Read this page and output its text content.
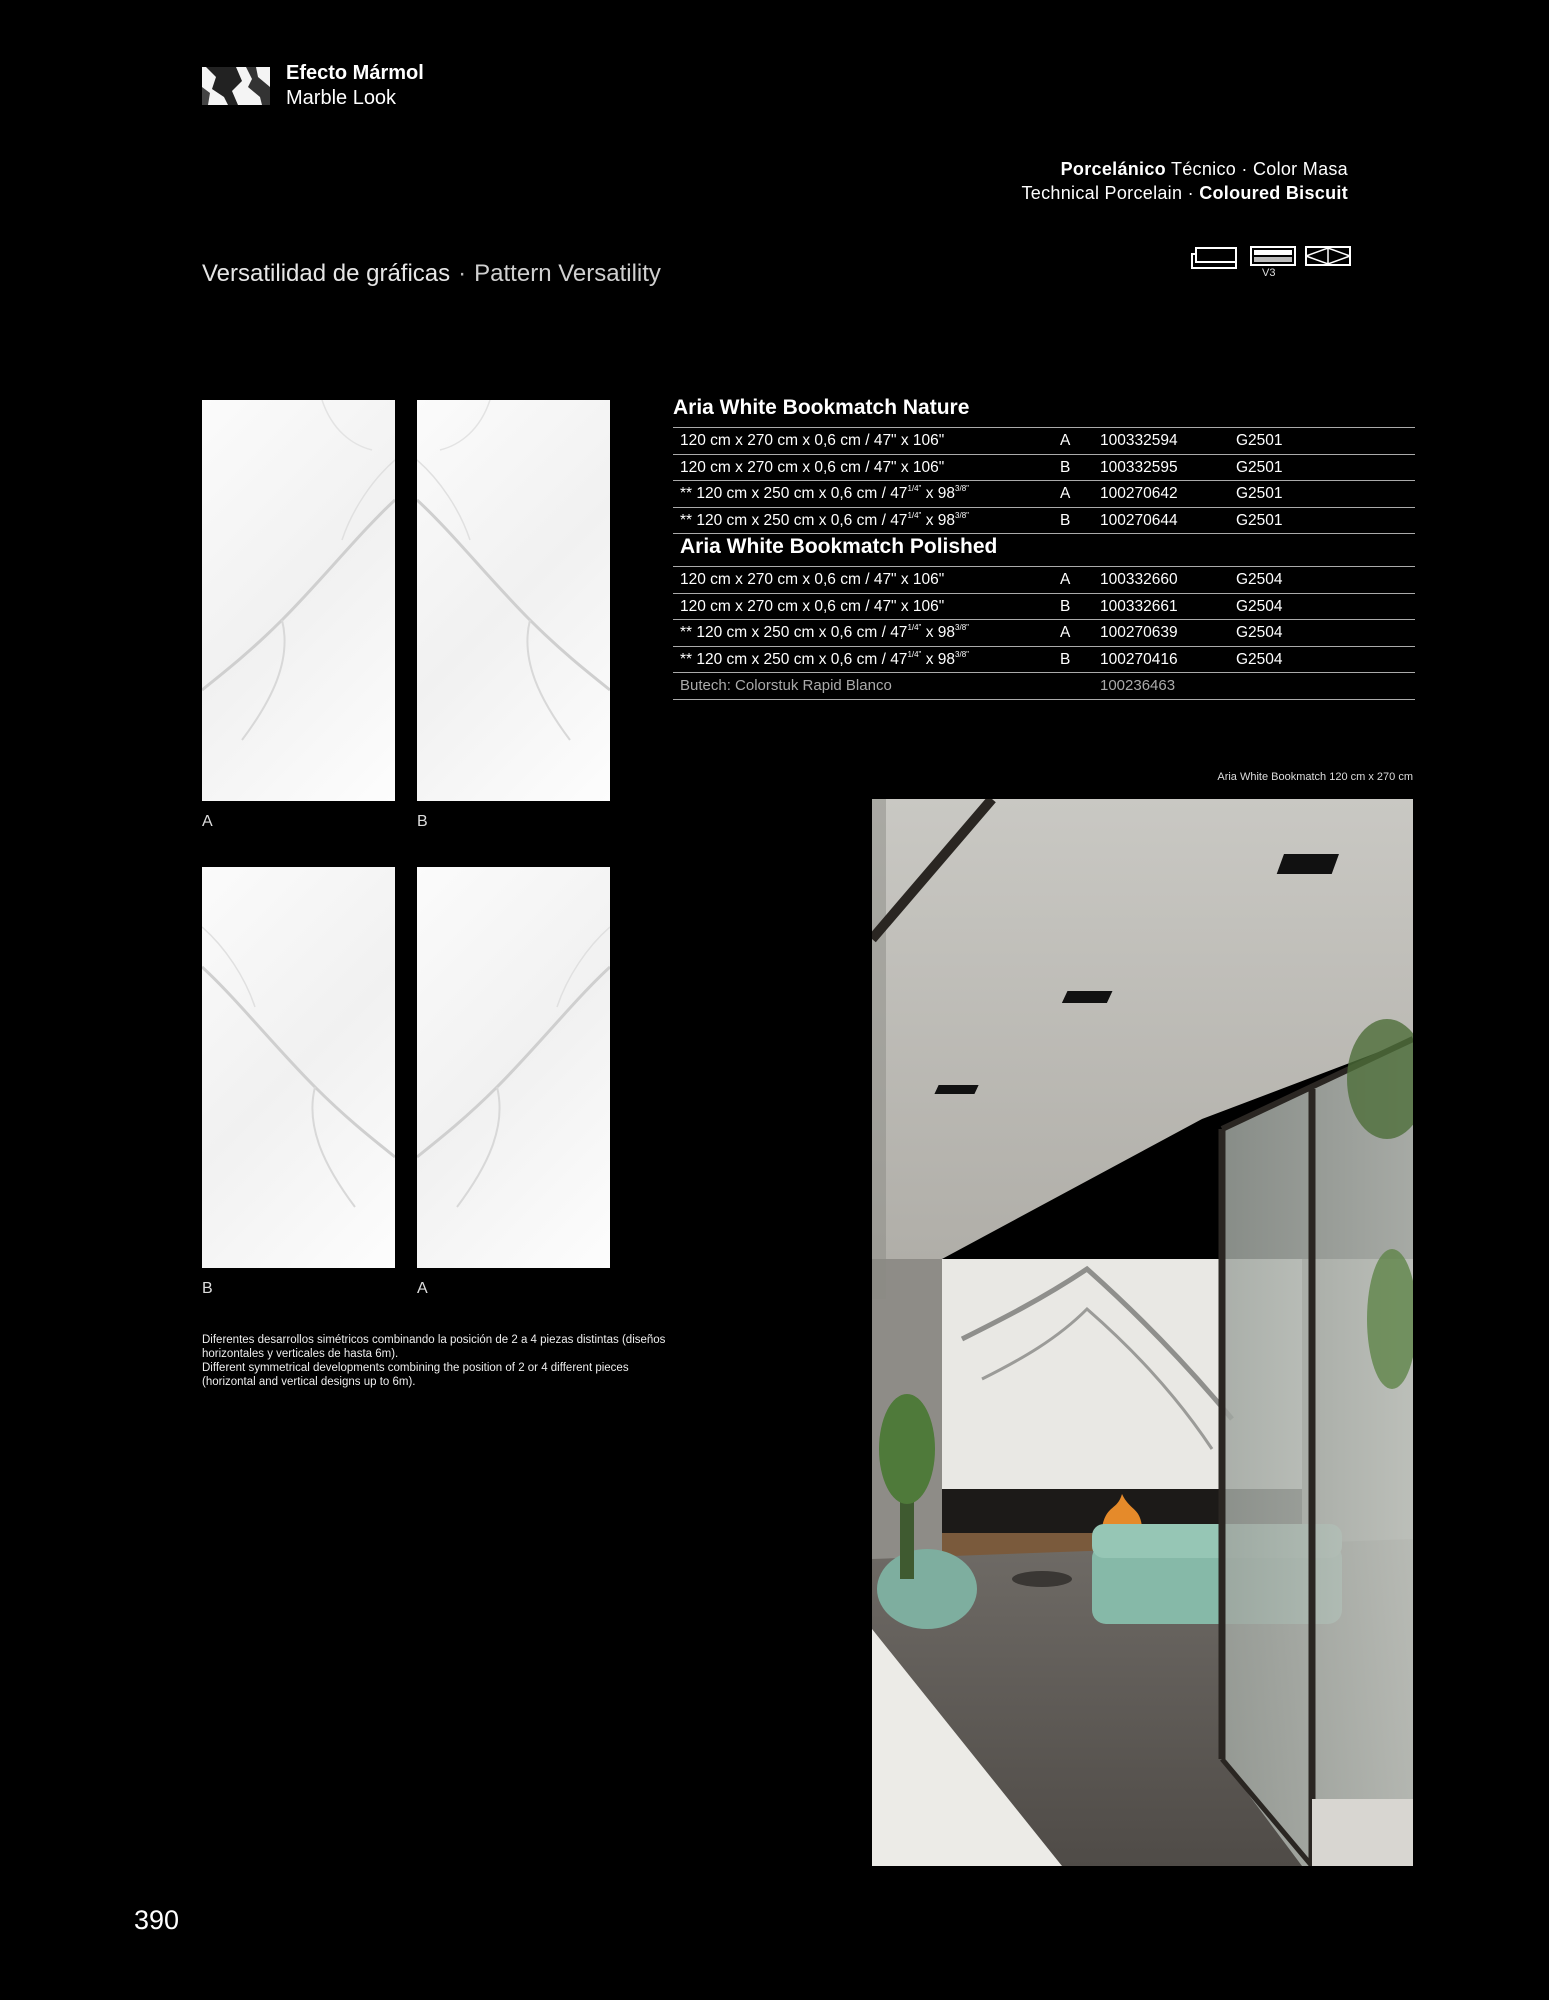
Efecto Mármol
Marble Look
Porcelánico Técnico · Color Masa
Technical Porcelain · Coloured Biscuit
Versatilidad de gráficas · Pattern Versatility	V3
A	B
B	A
Diferentes desarrollos simétricos combinando la posición de 2 a 4 piezas distintas (diseños horizontales y verticales de hasta 6m).
Different symmetrical developments combining the position of 2 or 4 different pieces (horizontal and vertical designs up to 6m).
Aria White Bookmatch Nature
120 cm x 270 cm x 0,6 cm / 47" x 106"	A	100332594	G2501
120 cm x 270 cm x 0,6 cm / 47" x 106"	B	100332595	G2501
** 120 cm x 250 cm x 0,6 cm / $47^{1/4"}$ x $98^{3/8"}$	A	100270642	G2501
** 120 cm x 250 cm x 0,6 cm / $47^{1/4"}$ x $98^{3/8"}$	B	100270644	G2501
Aria White Bookmatch Polished
120 cm x 270 cm x 0,6 cm / 47" x 106"	A	100332660	G2504
120 cm x 270 cm x 0,6 cm / 47" x 106"	B	100332661	G2504
** 120 cm x 250 cm x 0,6 cm / $47^{1/4"}$ x $98^{3/8"}$	A	100270639	G2504
** 120 cm x 250 cm x 0,6 cm / $47^{1/4"}$ x $98^{3/8"}$	B	100270416	G2504
Butech: Colorstuk Rapid Blanco	100236463
Aria White Bookmatch 120 cm x 270 cm
390
